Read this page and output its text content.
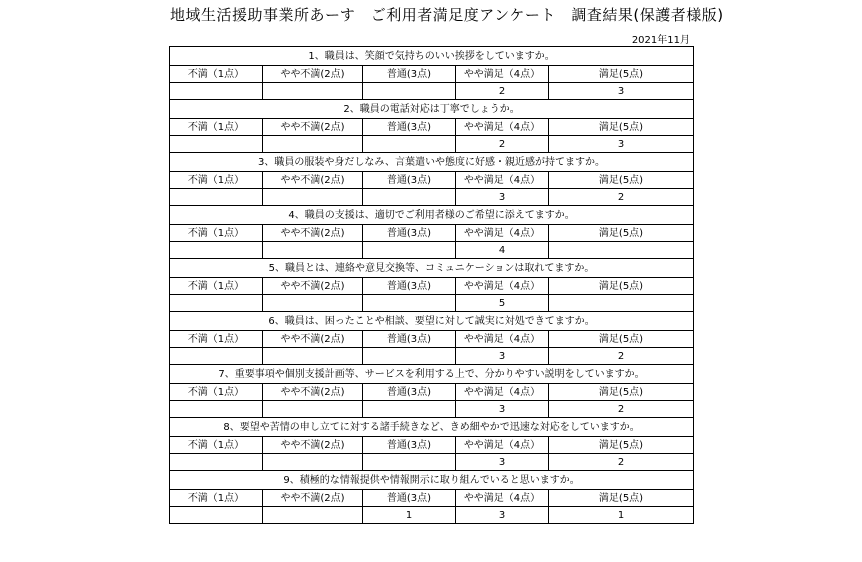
地域生活援助事業所あーす　ご利用者満足度アンケート　調査結果(保護者様版)
2021年11月
1、職員は、笑顔で気持ちのいい挨拶をしていますか。				
不満（1点）	やや不満(2点)	普通(3点)	やや満足（4点）	満足(5点)
			2	3
2、職員の電話対応は丁寧でしょうか。				
不満（1点）	やや不満(2点)	普通(3点)	やや満足（4点）	満足(5点)
			2	3
3、職員の服装や身だしなみ、言葉遣いや態度に好感・親近感が持てますか。				
不満（1点）	やや不満(2点)	普通(3点)	やや満足（4点）	満足(5点)
			3	2
4、職員の支援は、適切でご利用者様のご希望に添えてますか。				
不満（1点）	やや不満(2点)	普通(3点)	やや満足（4点）	満足(5点)
			4	
5、職員とは、連絡や意見交換等、コミュニケーションは取れてますか。				
不満（1点）	やや不満(2点)	普通(3点)	やや満足（4点）	満足(5点)
			5	
6、職員は、困ったことや相談、要望に対して誠実に対処できてますか。				
不満（1点）	やや不満(2点)	普通(3点)	やや満足（4点）	満足(5点)
			3	2
7、重要事項や個別支援計画等、サービスを利用する上で、分かりやすい説明をしていますか。				
不満（1点）	やや不満(2点)	普通(3点)	やや満足（4点）	満足(5点)
			3	2
8、要望や苦情の申し立てに対する諸手続きなど、きめ細やかで迅速な対応をしていますか。				
不満（1点）	やや不満(2点)	普通(3点)	やや満足（4点）	満足(5点)
			3	2
9、積極的な情報提供や情報開示に取り組んでいると思いますか。				
不満（1点）	やや不満(2点)	普通(3点)	やや満足（4点）	満足(5点)
		1	3	1
